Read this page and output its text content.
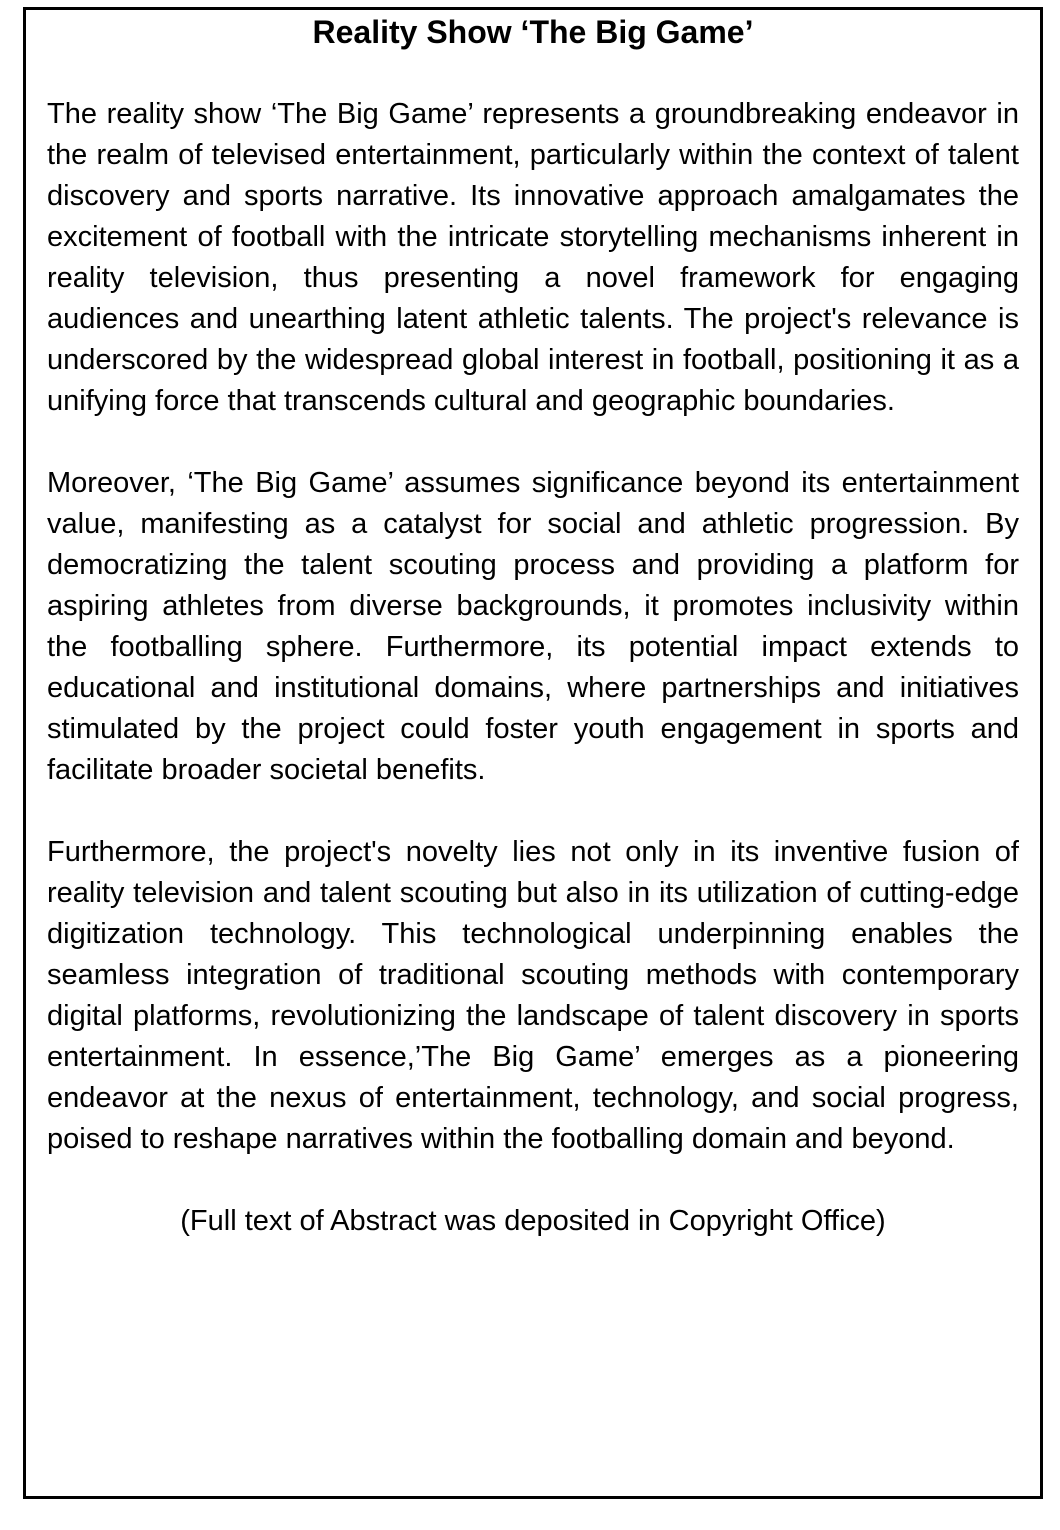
Reality Show ‘The Big Game’

The reality show ‘The Big Game’ represents a groundbreaking endeavor in the realm of televised entertainment, particularly within the context of talent discovery and sports narrative. Its innovative approach amalgamates the excitement of football with the intricate storytelling mechanisms inherent in reality television, thus presenting a novel framework for engaging audiences and unearthing latent athletic talents. The project's relevance is underscored by the widespread global interest in football, positioning it as a unifying force that transcends cultural and geographic boundaries.

Moreover, ‘The Big Game’ assumes significance beyond its entertainment value, manifesting as a catalyst for social and athletic progression. By democratizing the talent scouting process and providing a platform for aspiring athletes from diverse backgrounds, it promotes inclusivity within the footballing sphere. Furthermore, its potential impact extends to educational and institutional domains, where partnerships and initiatives stimulated by the project could foster youth engagement in sports and facilitate broader societal benefits.

Furthermore, the project's novelty lies not only in its inventive fusion of reality television and talent scouting but also in its utilization of cutting-edge digitization technology. This technological underpinning enables the seamless integration of traditional scouting methods with contemporary digital platforms, revolutionizing the landscape of talent discovery in sports entertainment. In essence,’The Big Game’ emerges as a pioneering endeavor at the nexus of entertainment, technology, and social progress, poised to reshape narratives within the footballing domain and beyond.

(Full text of Abstract was deposited in Copyright Office)
